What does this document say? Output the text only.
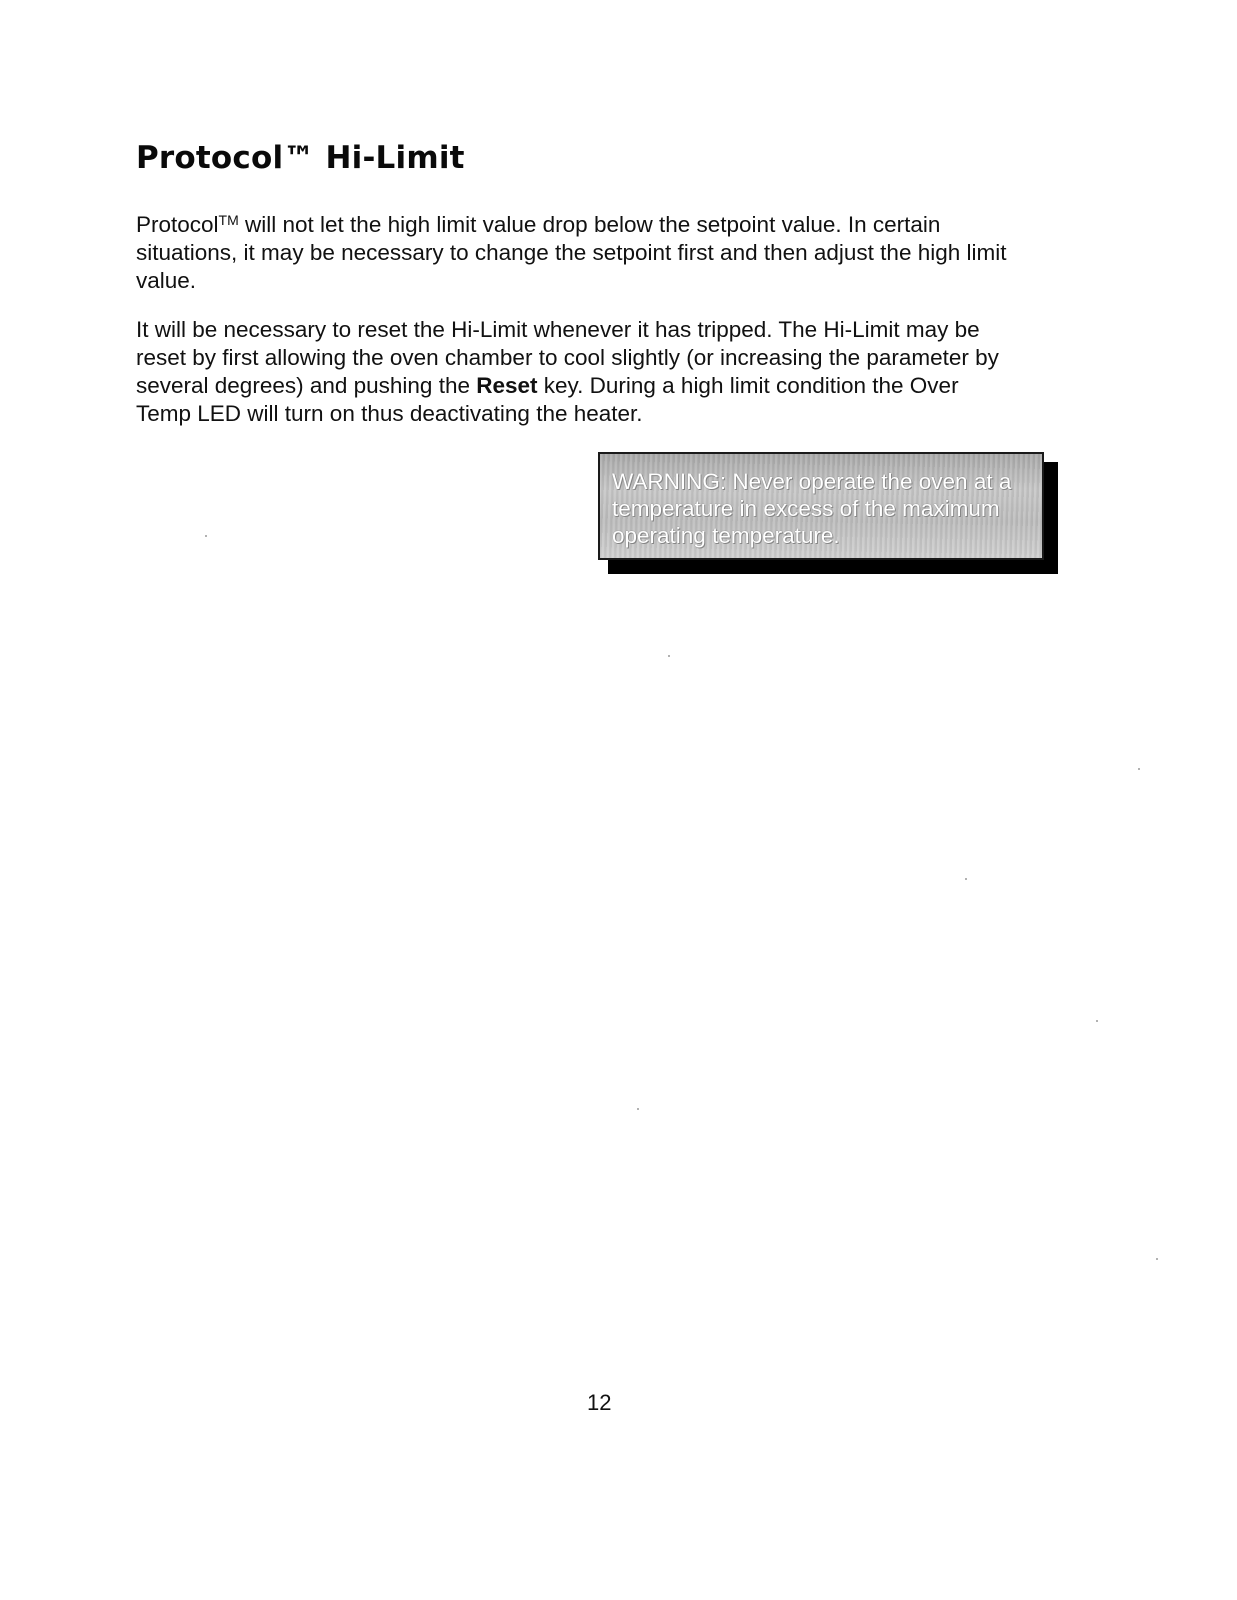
Protocol™ Hi-Limit

Protocol™ will not let the high limit value drop below the setpoint value. In certain
situations, it may be necessary to change the setpoint first and then adjust the high limit
value.

It will be necessary to reset the Hi-Limit whenever it has tripped. The Hi-Limit may be
reset by first allowing the oven chamber to cool slightly (or increasing the parameter by
several degrees) and pushing the Reset key. During a high limit condition the Over
Temp LED will turn on thus deactivating the heater.

WARNING: Never operate the oven at a
temperature in excess of the maximum
operating temperature.

12
